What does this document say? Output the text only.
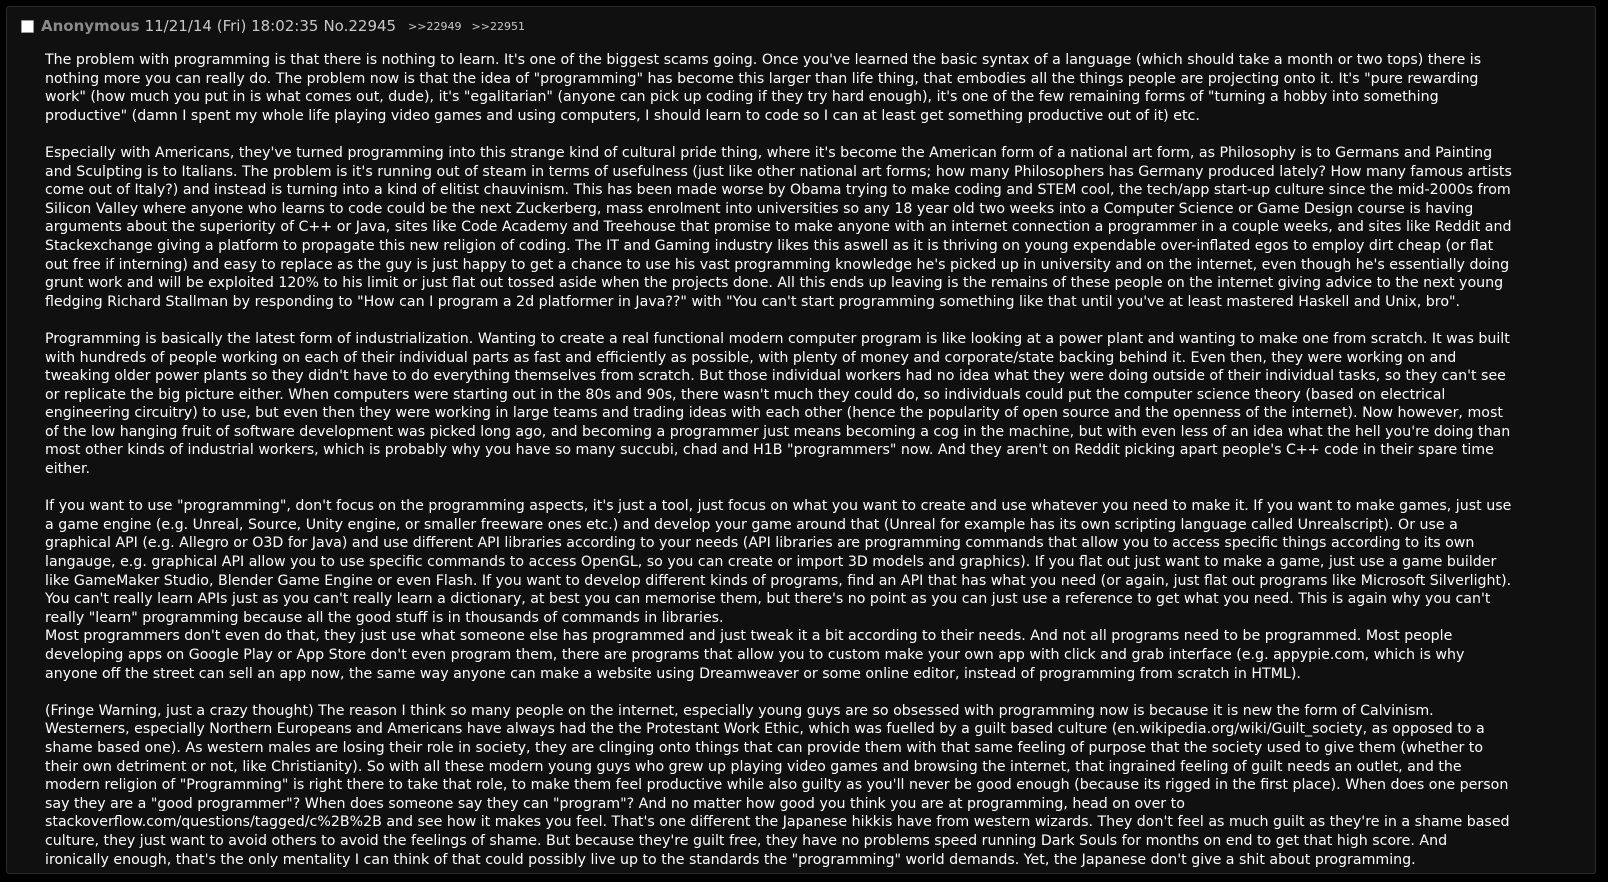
Anonymous 11/21/14 (Fri) 18:02:35 No.22945 >>22949 >>22951

The problem with programming is that there is nothing to learn. It's one of the biggest scams going. Once you've learned the basic syntax of a language (which should take a month or two tops) there is nothing more you can really do. The problem now is that the idea of "programming" has become this larger than life thing, that embodies all the things people are projecting onto it. It's "pure rewarding work" (how much you put in is what comes out, dude), it's "egalitarian" (anyone can pick up coding if they try hard enough), it's one of the few remaining forms of "turning a hobby into something productive" (damn I spent my whole life playing video games and using computers, I should learn to code so I can at least get something productive out of it) etc.

Especially with Americans, they've turned programming into this strange kind of cultural pride thing, where it's become the American form of a national art form, as Philosophy is to Germans and Painting and Sculpting is to Italians. The problem is it's running out of steam in terms of usefulness (just like other national art forms; how many Philosophers has Germany produced lately? How many famous artists come out of Italy?) and instead is turning into a kind of elitist chauvinism. This has been made worse by Obama trying to make coding and STEM cool, the tech/app start-up culture since the mid-2000s from Silicon Valley where anyone who learns to code could be the next Zuckerberg, mass enrolment into universities so any 18 year old two weeks into a Computer Science or Game Design course is having arguments about the superiority of C++ or Java, sites like Code Academy and Treehouse that promise to make anyone with an internet connection a programmer in a couple weeks, and sites like Reddit and Stackexchange giving a platform to propagate this new religion of coding. The IT and Gaming industry likes this aswell as it is thriving on young expendable over-inflated egos to employ dirt cheap (or flat out free if interning) and easy to replace as the guy is just happy to get a chance to use his vast programming knowledge he's picked up in university and on the internet, even though he's essentially doing grunt work and will be exploited 120% to his limit or just flat out tossed aside when the projects done. All this ends up leaving is the remains of these people on the internet giving advice to the next young fledging Richard Stallman by responding to "How can I program a 2d platformer in Java??" with "You can't start programming something like that until you've at least mastered Haskell and Unix, bro".

Programming is basically the latest form of industrialization. Wanting to create a real functional modern computer program is like looking at a power plant and wanting to make one from scratch. It was built with hundreds of people working on each of their individual parts as fast and efficiently as possible, with plenty of money and corporate/state backing behind it. Even then, they were working on and tweaking older power plants so they didn't have to do everything themselves from scratch. But those individual workers had no idea what they were doing outside of their individual tasks, so they can't see or replicate the big picture either. When computers were starting out in the 80s and 90s, there wasn't much they could do, so individuals could put the computer science theory (based on electrical engineering circuitry) to use, but even then they were working in large teams and trading ideas with each other (hence the popularity of open source and the openness of the internet). Now however, most of the low hanging fruit of software development was picked long ago, and becoming a programmer just means becoming a cog in the machine, but with even less of an idea what the hell you're doing than most other kinds of industrial workers, which is probably why you have so many succubi, chad and H1B "programmers" now. And they aren't on Reddit picking apart people's C++ code in their spare time either.

If you want to use "programming", don't focus on the programming aspects, it's just a tool, just focus on what you want to create and use whatever you need to make it. If you want to make games, just use a game engine (e.g. Unreal, Source, Unity engine, or smaller freeware ones etc.) and develop your game around that (Unreal for example has its own scripting language called Unrealscript). Or use a graphical API (e.g. Allegro or O3D for Java) and use different API libraries according to your needs (API libraries are programming commands that allow you to access specific things according to its own langauge, e.g. graphical API allow you to use specific commands to access OpenGL, so you can create or import 3D models and graphics). If you flat out just want to make a game, just use a game builder like GameMaker Studio, Blender Game Engine or even Flash. If you want to develop different kinds of programs, find an API that has what you need (or again, just flat out programs like Microsoft Silverlight). You can't really learn APIs just as you can't really learn a dictionary, at best you can memorise them, but there's no point as you can just use a reference to get what you need. This is again why you can't really "learn" programming because all the good stuff is in thousands of commands in libraries.

Most programmers don't even do that, they just use what someone else has programmed and just tweak it a bit according to their needs. And not all programs need to be programmed. Most people developing apps on Google Play or App Store don't even program them, there are programs that allow you to custom make your own app with click and grab interface (e.g. appypie.com, which is why anyone off the street can sell an app now, the same way anyone can make a website using Dreamweaver or some online editor, instead of programming from scratch in HTML).

(Fringe Warning, just a crazy thought) The reason I think so many people on the internet, especially young guys are so obsessed with programming now is because it is new the form of Calvinism. Westerners, especially Northern Europeans and Americans have always had the the Protestant Work Ethic, which was fuelled by a guilt based culture (en.wikipedia.org/wiki/Guilt_society, as opposed to a shame based one). As western males are losing their role in society, they are clinging onto things that can provide them with that same feeling of purpose that the society used to give them (whether to their own detriment or not, like Christianity). So with all these modern young guys who grew up playing video games and browsing the internet, that ingrained feeling of guilt needs an outlet, and the modern religion of "Programming" is right there to take that role, to make them feel productive while also guilty as you'll never be good enough (because its rigged in the first place). When does one person say they are a "good programmer"? When does someone say they can "program"? And no matter how good you think you are at programming, head on over to stackoverflow.com/questions/tagged/c%2B%2B and see how it makes you feel. That's one different the Japanese hikkis have from western wizards. They don't feel as much guilt as they're in a shame based culture, they just want to avoid others to avoid the feelings of shame. But because they're guilt free, they have no problems speed running Dark Souls for months on end to get that high score. And ironically enough, that's the only mentality I can think of that could possibly live up to the standards the "programming" world demands. Yet, the Japanese don't give a shit about programming.
